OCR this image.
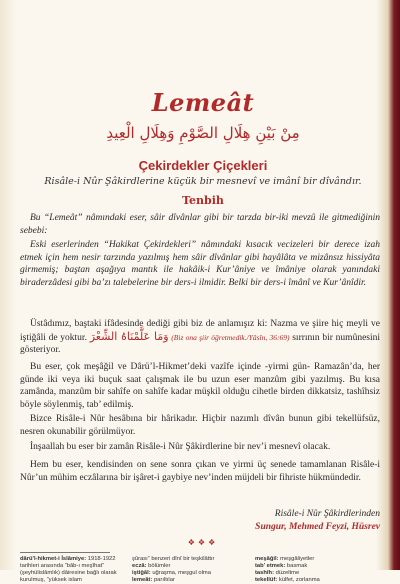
Lemeât
مِنْ بَيْنِ هِلَالِ الصَّوْمِ وَهِلَالِ الْعِيدِ
Çekirdekler Çiçekleri
Risâle-i Nûr Şâkirdlerine küçük bir mesnevî ve imânî bir dîvândır.
Tenbih
Bu “Lemeât” nâmındaki eser, sâir dîvânlar gibi bir tarzda bir-iki mevzû ile gitmediğinin sebebi:
Eski eserlerinden “Hakikat Çekirdekleri” nâmındaki kısacık vecizeleri bir derece izah etmek için hem nesir tarzında yazılmış hem sâir dîvânlar gibi hayâlâta ve mizânsız hissiyâta girmemiş; baştan aşağıya mantık ile hakâik-i Kur’âniye ve îmâniye olarak yanındaki biraderzâdesi gibi ba’zı talebelerine bir ders-i ilmidir. Belki bir ders-i îmânî ve Kur’ânîdir.
Üstâdımız, baştaki ifâdesinde dediği gibi biz de anlamışız ki: Nazma ve şiire hiç meyli ve iştiğâli de yoktur. وَمَا عَلَّمْنَاهُ الشِّعْرَ (Biz ona şiir öğretmedik./Yâsîn, 36:69) sırrının bir numûnesini gösteriyor.
Bu eser, çok meşâğil ve Dârü’l-Hikmet’deki vazîfe içinde -yirmi gün- Ramazân’da, her günde iki veya iki buçuk saat çalışmak ile bu uzun eser manzûm gibi yazılmış. Bu kısa zamânda, manzûm bir sahîfe on sahîfe kadar müşkil olduğu cihetle birden dikkatsiz, tashîhsiz böyle söylenmiş, tab’ edilmiş.
Bizce Risâle-i Nûr hesâbına bir hârikadır. Hiçbir nazımlı dîvân bunun gibi tekellüfsüz, nesren okunabilir görülmüyor.
İnşaallah bu eser bir zamân Risâle-i Nûr Şâkirdlerine bir nev’i mesnevî olacak.
Hem bu eser, kendisinden on sene sonra çıkan ve yirmi üç senede tamamlanan Risâle-i Nûr’un mühim eczâlarına bir işâret-i gaybiye nev’inden müjdeli bir fihriste hükmündedir.
Risâle-i Nûr Şâkirdlerinden
Sungur, Mehmed Feyzi, Hüsrev
❖❖❖
dârü'l-hikmet-i İslâmiye: 1918-1922 tarihleri arasında “bâb-ı meşîhat” (şeyhülislâmlık) dâiresine bağlı olarak kurulmuş, “yüksek islam
şûrası” benzeri dînî bir teşkilâttır
eczâ: bölümler
iştiğâl: uğraşma, meşgul olma
lemeât: parıltılar
meşâğil: meşgâliyetler
tab’ etmek: basmak
tashîh: düzeltme
tekellüf: külfet, zorlanma
